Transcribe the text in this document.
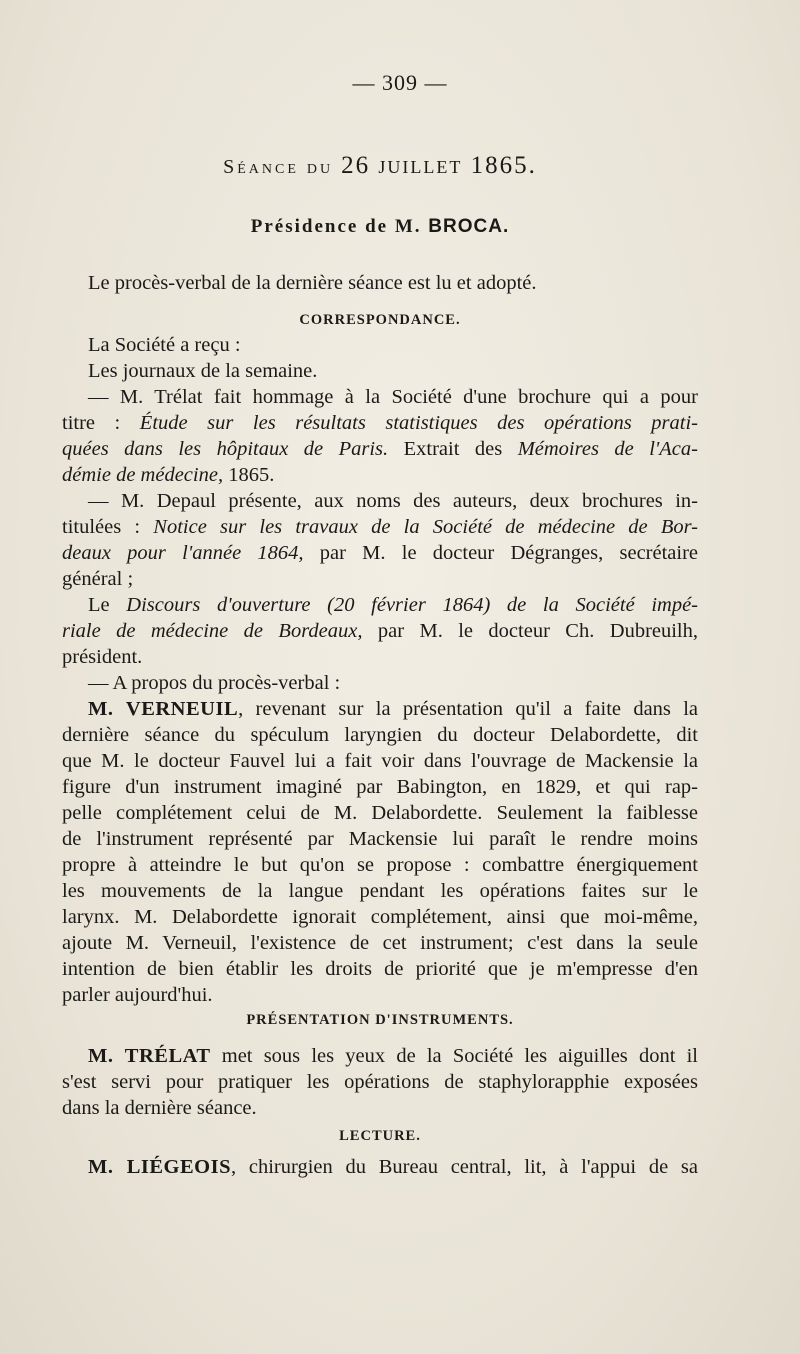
— 309 —
Séance du 26 juillet 1865.
Présidence de M. BROCA.
Le procès-verbal de la dernière séance est lu et adopté.
CORRESPONDANCE.
La Société a reçu :
Les journaux de la semaine.
— M. Trélat fait hommage à la Société d'une brochure qui a pour
titre : Étude sur les résultats statistiques des opérations prati-
quées dans les hôpitaux de Paris. Extrait des Mémoires de l'Aca-
démie de médecine, 1865.
— M. Depaul présente, aux noms des auteurs, deux brochures in-
titulées : Notice sur les travaux de la Société de médecine de Bor-
deaux pour l'année 1864, par M. le docteur Dégranges, secrétaire
général ;
Le Discours d'ouverture (20 février 1864) de la Société impé-
riale de médecine de Bordeaux, par M. le docteur Ch. Dubreuilh,
président.
— A propos du procès-verbal :
M. VERNEUIL, revenant sur la présentation qu'il a faite dans la
dernière séance du spéculum laryngien du docteur Delabordette, dit
que M. le docteur Fauvel lui a fait voir dans l'ouvrage de Mackensie la
figure d'un instrument imaginé par Babington, en 1829, et qui rap-
pelle complétement celui de M. Delabordette. Seulement la faiblesse
de l'instrument représenté par Mackensie lui paraît le rendre moins
propre à atteindre le but qu'on se propose : combattre énergiquement
les mouvements de la langue pendant les opérations faites sur le
larynx. M. Delabordette ignorait complétement, ainsi que moi-même,
ajoute M. Verneuil, l'existence de cet instrument; c'est dans la seule
intention de bien établir les droits de priorité que je m'empresse d'en
parler aujourd'hui.
PRÉSENTATION D'INSTRUMENTS.
M. TRÉLAT met sous les yeux de la Société les aiguilles dont il
s'est servi pour pratiquer les opérations de staphylorapphie exposées
dans la dernière séance.
LECTURE.
M. LIÉGEOIS, chirurgien du Bureau central, lit, à l'appui de sa
